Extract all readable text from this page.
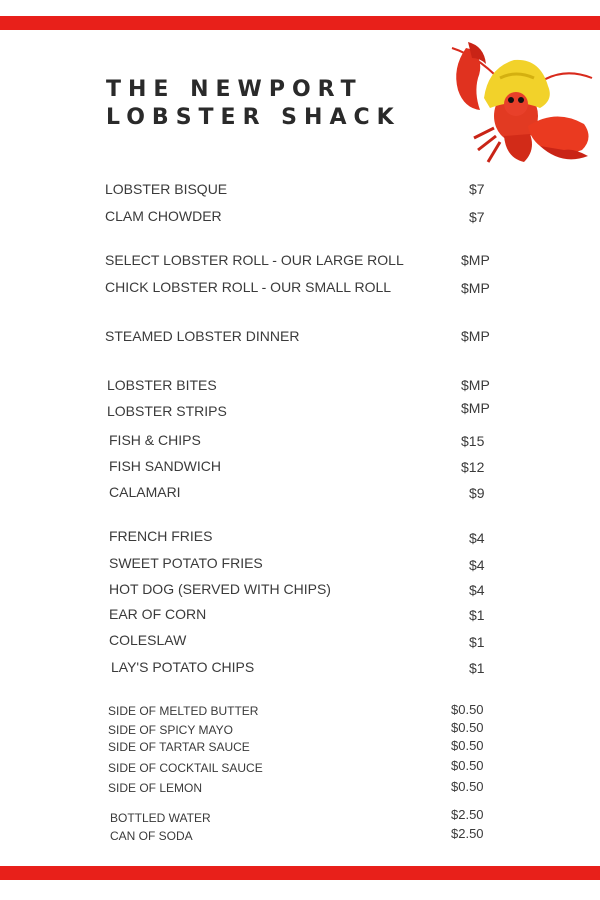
THE NEWPORT
LOBSTER SHACK
LOBSTER BISQUE	$7
CLAM CHOWDER	$7
SELECT LOBSTER ROLL - OUR LARGE ROLL	$MP
CHICK LOBSTER ROLL - OUR SMALL ROLL	$MP
STEAMED LOBSTER DINNER	$MP
LOBSTER BITES	$MP
LOBSTER STRIPS	$MP
FISH & CHIPS	$15
FISH SANDWICH	$12
CALAMARI	$9
FRENCH FRIES	$4
SWEET POTATO FRIES	$4
HOT DOG (SERVED WITH CHIPS)	$4
EAR OF CORN	$1
COLESLAW	$1
LAY'S POTATO CHIPS	$1
SIDE OF MELTED BUTTER	$0.50
SIDE OF SPICY MAYO	$0.50
SIDE OF TARTAR SAUCE	$0.50
SIDE OF COCKTAIL SAUCE	$0.50
SIDE OF LEMON	$0.50
BOTTLED WATER	$2.50
CAN OF SODA	$2.50
